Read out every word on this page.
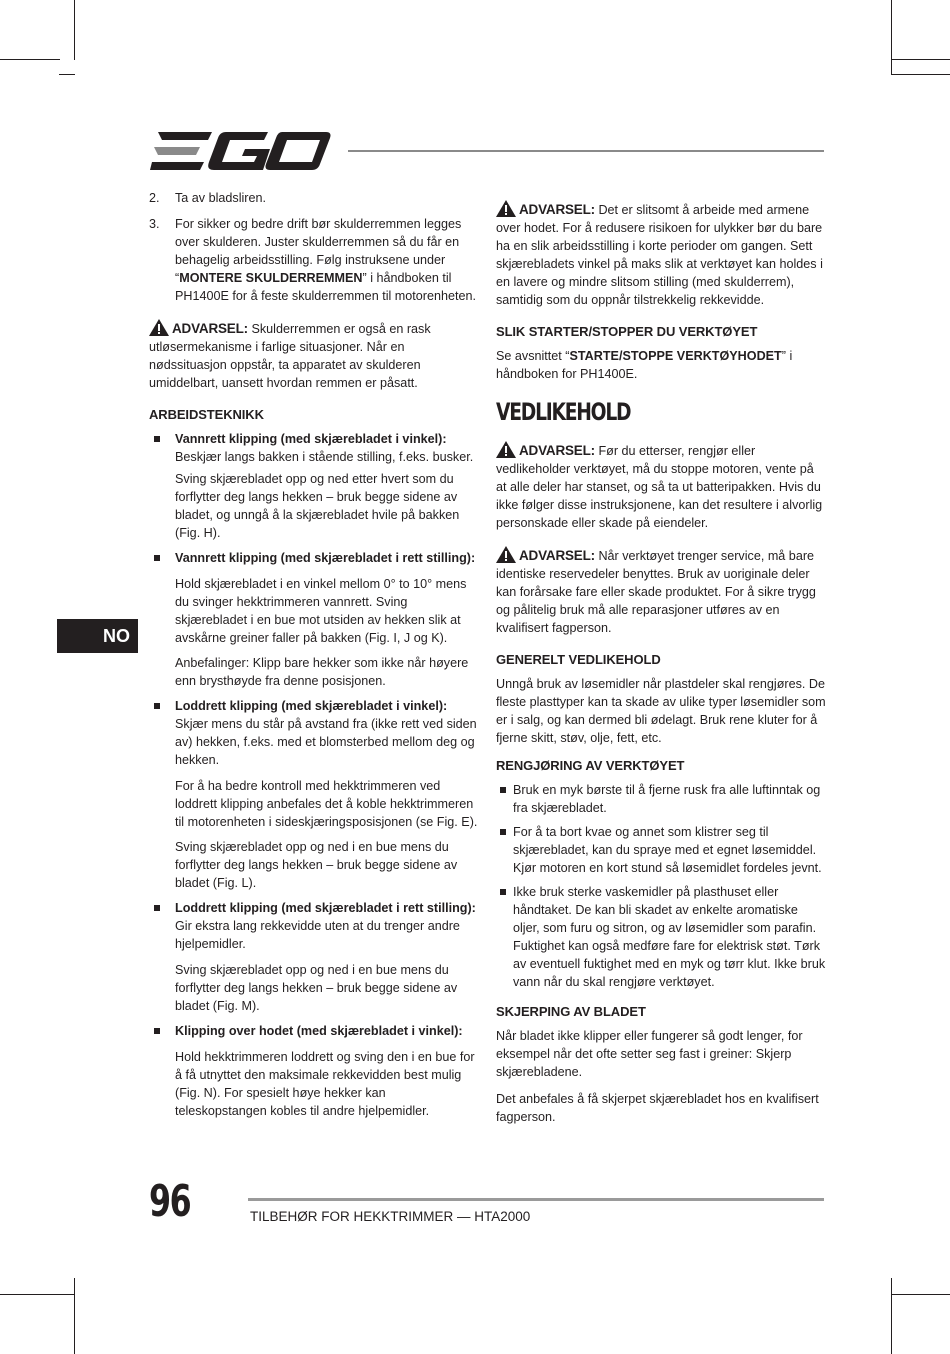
NO
2.	Ta av bladsliren.
3.	For sikker og bedre drift bør skulderremmen legges over skulderen. Juster skulderremmen så du får en behagelig arbeidsstilling. Følg instruksene under “MONTERE SKULDERREMMEN” i håndboken til PH1400E for å feste skulderremmen til motorenheten.

ADVARSEL: Skulderremmen er også en rask utløsermekanisme i farlige situasjoner. Når en nødssituasjon oppstår, ta apparatet av skulderen umiddelbart, uansett hvordan remmen er påsatt.

ARBEIDSTEKNIKK
Vannrett klipping (med skjærebladet i vinkel): Beskjær langs bakken i stående stilling, f.eks. busker.

Sving skjærebladet opp og ned etter hvert som du forflytter deg langs hekken – bruk begge sidene av bladet, og unngå å la skjærebladet hvile på bakken (Fig. H).

Vannrett klipping (med skjærebladet i rett stilling):

Hold skjærebladet i en vinkel mellom 0° to 10° mens du svinger hekktrimmeren vannrett. Sving skjærebladet i en bue mot utsiden av hekken slik at avskårne greiner faller på bakken (Fig. I, J og K).

Anbefalinger: Klipp bare hekker som ikke når høyere enn brysthøyde fra denne posisjonen.

Loddrett klipping (med skjærebladet i vinkel): Skjær mens du står på avstand fra (ikke rett ved siden av) hekken, f.eks. med et blomsterbed mellom deg og hekken.

For å ha bedre kontroll med hekktrimmeren ved loddrett klipping anbefales det å koble hekktrimmeren til motorenheten i sideskjæringsposisjonen (se Fig. E).

Sving skjærebladet opp og ned i en bue mens du forflytter deg langs hekken – bruk begge sidene av bladet (Fig. L).

Loddrett klipping (med skjærebladet i rett stilling): Gir ekstra lang rekkevidde uten at du trenger andre hjelpemidler.

Sving skjærebladet opp og ned i en bue mens du forflytter deg langs hekken – bruk begge sidene av bladet (Fig. M).

Klipping over hodet (med skjærebladet i vinkel):

Hold hekktrimmeren loddrett og sving den i en bue for å få utnyttet den maksimale rekkevidden best mulig (Fig. N). For spesielt høye hekker kan teleskopstangen kobles til andre hjelpemidler.

ADVARSEL: Det er slitsomt å arbeide med armene over hodet. For å redusere risikoen for ulykker bør du bare ha en slik arbeidsstilling i korte perioder om gangen. Sett skjærebladets vinkel på maks slik at verktøyet kan holdes i en lavere og mindre slitsom stilling (med skulderrem), samtidig som du oppnår tilstrekkelig rekkevidde.

SLIK STARTER/STOPPER DU VERKTØYET

Se avsnittet “STARTE/STOPPE VERKTØYHODET” i håndboken for PH1400E.

VEDLIKEHOLD

ADVARSEL: Før du etterser, rengjør eller vedlikeholder verktøyet, må du stoppe motoren, vente på at alle deler har stanset, og så ta ut batteripakken. Hvis du ikke følger disse instruksjonene, kan det resultere i alvorlig personskade eller skade på eiendeler.

ADVARSEL: Når verktøyet trenger service, må bare identiske reservedeler benyttes. Bruk av uoriginale deler kan forårsake fare eller skade produktet. For å sikre trygg og pålitelig bruk må alle reparasjoner utføres av en kvalifisert fagperson.

GENERELT VEDLIKEHOLD

Unngå bruk av løsemidler når plastdeler skal rengjøres. De fleste plasttyper kan ta skade av ulike typer løsemidler som er i salg, og kan dermed bli ødelagt. Bruk rene kluter for å fjerne skitt, støv, olje, fett, etc.

RENGJØRING AV VERKTØYET
Bruk en myk børste til å fjerne rusk fra alle luftinntak og fra skjærebladet.
For å ta bort kvae og annet som klistrer seg til skjærebladet, kan du spraye med et egnet løsemiddel. Kjør motoren en kort stund så løsemidlet fordeles jevnt.
Ikke bruk sterke vaskemidler på plasthuset eller håndtaket. De kan bli skadet av enkelte aromatiske oljer, som furu og sitron, og av løsemidler som parafin. Fuktighet kan også medføre fare for elektrisk støt. Tørk av eventuell fuktighet med en myk og tørr klut. Ikke bruk vann når du skal rengjøre verktøyet.
SKJERPING AV BLADET

Når bladet ikke klipper eller fungerer så godt lenger, for eksempel når det ofte setter seg fast i greiner: Skjerp skjærebladene.

Det anbefales å få skjerpet skjærebladet hos en kvalifisert fagperson.

96	TILBEHØR FOR HEKKTRIMMER — HTA2000
